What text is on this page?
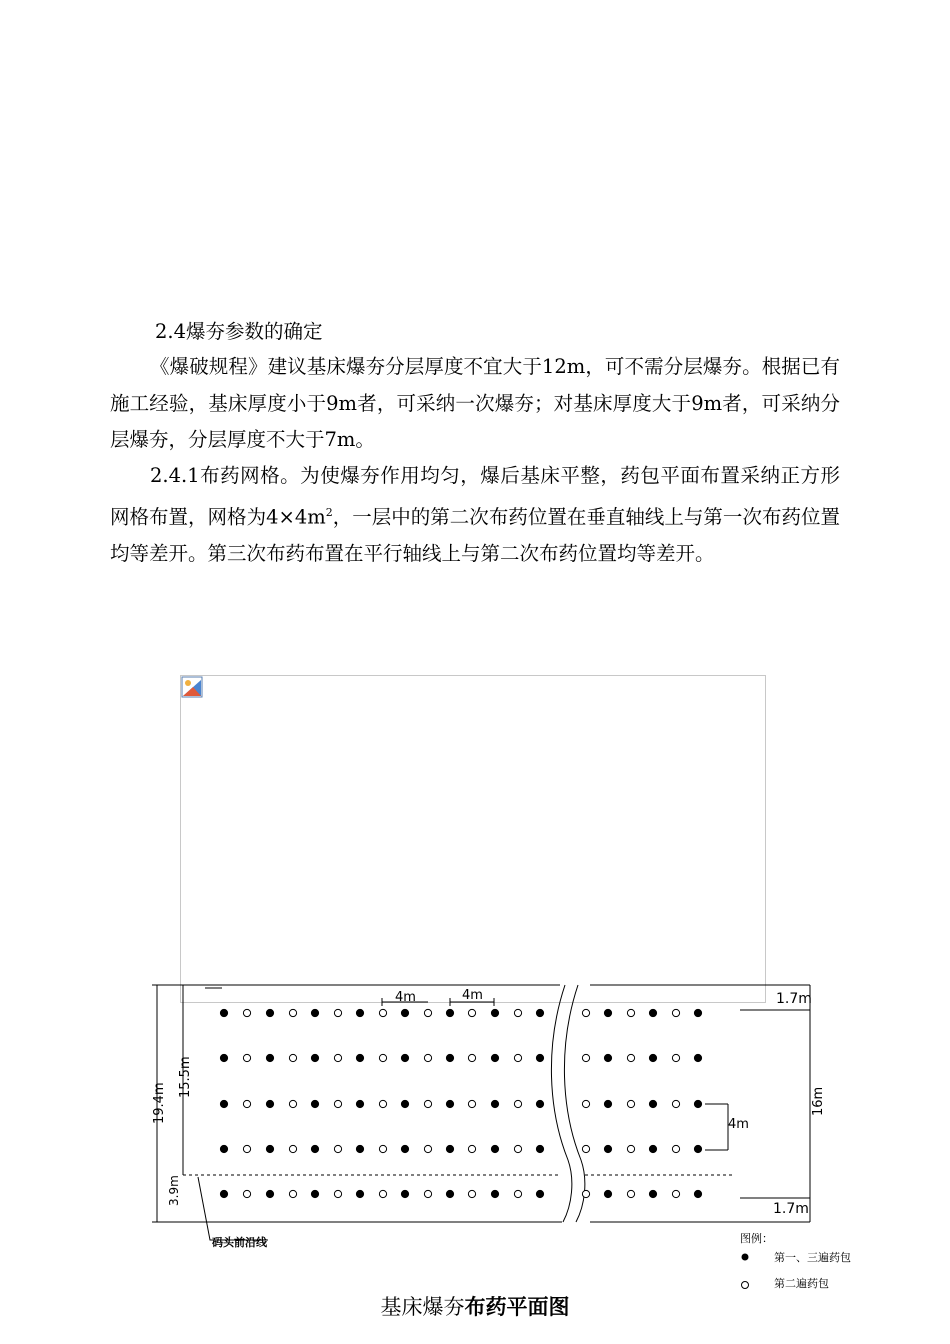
2.4爆夯参数的确定

《爆破规程》建议基床爆夯分层厚度不宜大于12m，可不需分层爆夯。根据已有施工经验，基床厚度小于9m者，可采纳一次爆夯；对基床厚度大于9m者，可采纳分层爆夯，分层厚度不大于7m。

2.4.1布药网格。为使爆夯作用均匀，爆后基床平整，药包平面布置采纳正方形网格布置，网格为$4\times 4m^2$，一层中的第二次布药位置在垂直轴线上与第一次布药位置均等差开。第三次布药布置在平行轴线上与第二次布药位置均等差开。

4m	4m	1.7m
1.7m
4m
19.4m
15.5m
16m
3.9m
码头前沿线	图例：
第一、三遍药包
第二遍药包
基床爆夯布药平面图
